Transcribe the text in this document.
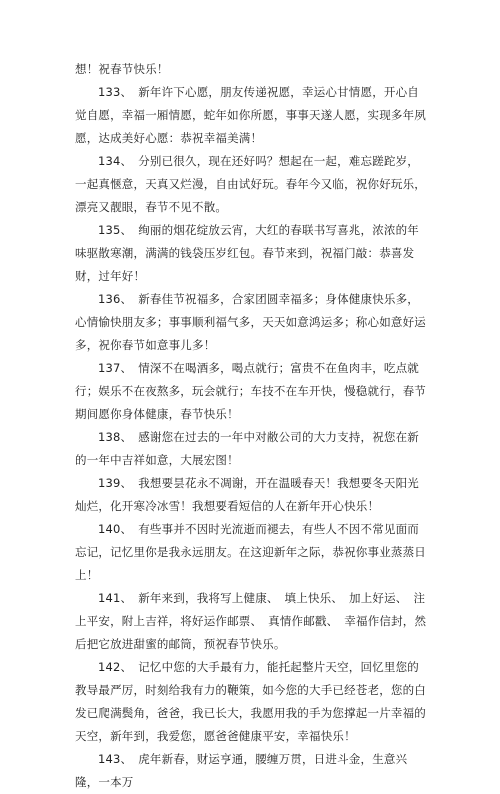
想！祝春节快乐！

133、　新年许下心愿，朋友传递祝愿，幸运心甘情愿，开心自觉自愿，幸福一厢情愿，蛇年如你所愿，事事天遂人愿，实现多年夙愿，达成美好心愿：恭祝幸福美满！

134、　分别已很久，现在还好吗？想起在一起，难忘蹉跎岁，一起真惬意，天真又烂漫，自由试好玩。春年今又临，祝你好玩乐，漂亮又靓眼，春节不见不散。

135、　绚丽的烟花绽放云宵，大红的春联书写喜兆，浓浓的年味驱散寒潮，满满的钱袋压岁红包。春节来到，祝福门敲：恭喜发财，过年好！

136、　新春佳节祝福多，合家团圆幸福多；身体健康快乐多，心情愉快朋友多；事事顺利福气多，天天如意鸿运多；称心如意好运多，祝你春节如意事儿多！

137、　情深不在喝酒多，喝点就行；富贵不在鱼肉丰，吃点就行；娱乐不在夜熬多，玩会就行；车技不在车开快，慢稳就行，春节期间愿你身体健康，春节快乐！

138、　感谢您在过去的一年中对敝公司的大力支持，祝您在新的一年中吉祥如意，大展宏图！

139、　我想要昙花永不凋谢，开在温暖春天！我想要冬天阳光灿烂，化开寒冷冰雪！我想要看短信的人在新年开心快乐！

140、　有些事并不因时光流逝而褪去，有些人不因不常见面而忘记，记忆里你是我永远朋友。在这迎新年之际，恭祝你事业蒸蒸日上！

141、　新年来到，我将写上健康、　填上快乐、　加上好运、　注上平安，附上吉祥，将好运作邮票、　真情作邮戳、　幸福作信封，然后把它放进甜蜜的邮筒，预祝春节快乐。

142、　记忆中您的大手最有力，能托起整片天空，回忆里您的教导最严厉，时刻给我有力的鞭策，如今您的大手已经苍老，您的白发已爬满鬓角，爸爸，我已长大，我愿用我的手为您撑起一片幸福的天空，新年到，我爱您，愿爸爸健康平安，幸福快乐！

143、　虎年新春，财运亨通，腰缠万贯，日进斗金，生意兴隆，一本万
